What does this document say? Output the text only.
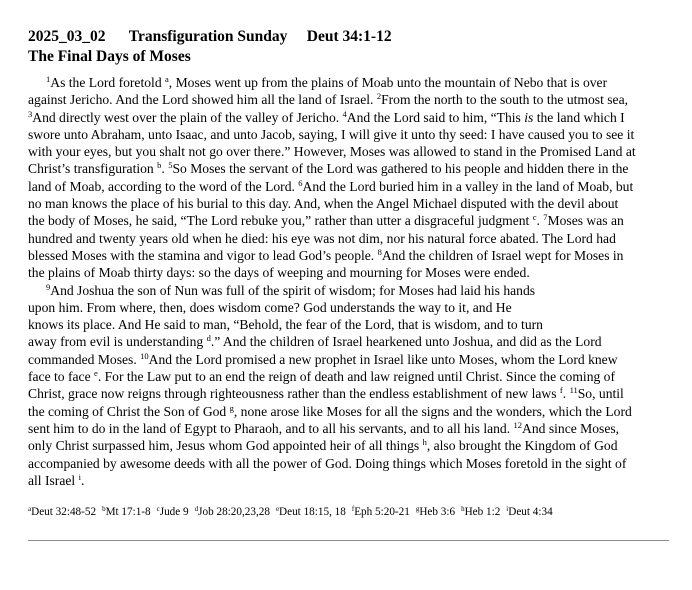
2025_03_02 Transfiguration Sunday Deut 34:1-12
The Final Days of Moses
$^1$As the Lord foretold $^a$, Moses went up from the plains of Moab unto the mountain of Nebo that is over
against Jericho. And the Lord showed him all the land of Israel. $^2$From the north to the south to the utmost sea,
$^3$And directly west over the plain of the valley of Jericho. $^4$And the Lord said to him, “This is the land which I
swore unto Abraham, unto Isaac, and unto Jacob, saying, I will give it unto thy seed: I have caused you to see it
with your eyes, but you shalt not go over there.” However, Moses was allowed to stand in the Promised Land at
Christ’s transfiguration $^b$. $^5$So Moses the servant of the Lord was gathered to his people and hidden there in the
land of Moab, according to the word of the Lord. $^6$And the Lord buried him in a valley in the land of Moab, but
no man knows the place of his burial to this day. And, when the Angel Michael disputed with the devil about
the body of Moses, he said, “The Lord rebuke you,” rather than utter a disgraceful judgment $^c$. $^7$Moses was an
hundred and twenty years old when he died: his eye was not dim, nor his natural force abated. The Lord had
blessed Moses with the stamina and vigor to lead God’s people. $^8$And the children of Israel wept for Moses in
the plains of Moab thirty days: so the days of weeping and mourning for Moses were ended.
$^9$And Joshua the son of Nun was full of the spirit of wisdom; for Moses had laid his hands
upon him. From where, then, does wisdom come? God understands the way to it, and He
knows its place. And He said to man, “Behold, the fear of the Lord, that is wisdom, and to turn
away from evil is understanding $^d$.” And the children of Israel hearkened unto Joshua, and did as the Lord
commanded Moses. $^{10}$And the Lord promised a new prophet in Israel like unto Moses, whom the Lord knew
face to face $^e$. For the Law put to an end the reign of death and law reigned until Christ. Since the coming of
Christ, grace now reigns through righteousness rather than the endless establishment of new laws $^f$. $^{11}$So, until
the coming of Christ the Son of God $^g$, none arose like Moses for all the signs and the wonders, which the Lord
sent him to do in the land of Egypt to Pharaoh, and to all his servants, and to all his land. $^{12}$And since Moses,
only Christ surpassed him, Jesus whom God appointed heir of all things $^h$, also brought the Kingdom of God
accompanied by awesome deeds with all the power of God. Doing things which Moses foretold in the sight of
all Israel $^i$.
$^a$Deut 32:48-52 $^b$Mt 17:1-8 $^c$Jude 9 $^d$Job 28:20,23,28 $^e$Deut 18:15, 18 $^f$Eph 5:20-21 $^g$Heb 3:6 $^h$Heb 1:2 $^i$Deut 4:34
